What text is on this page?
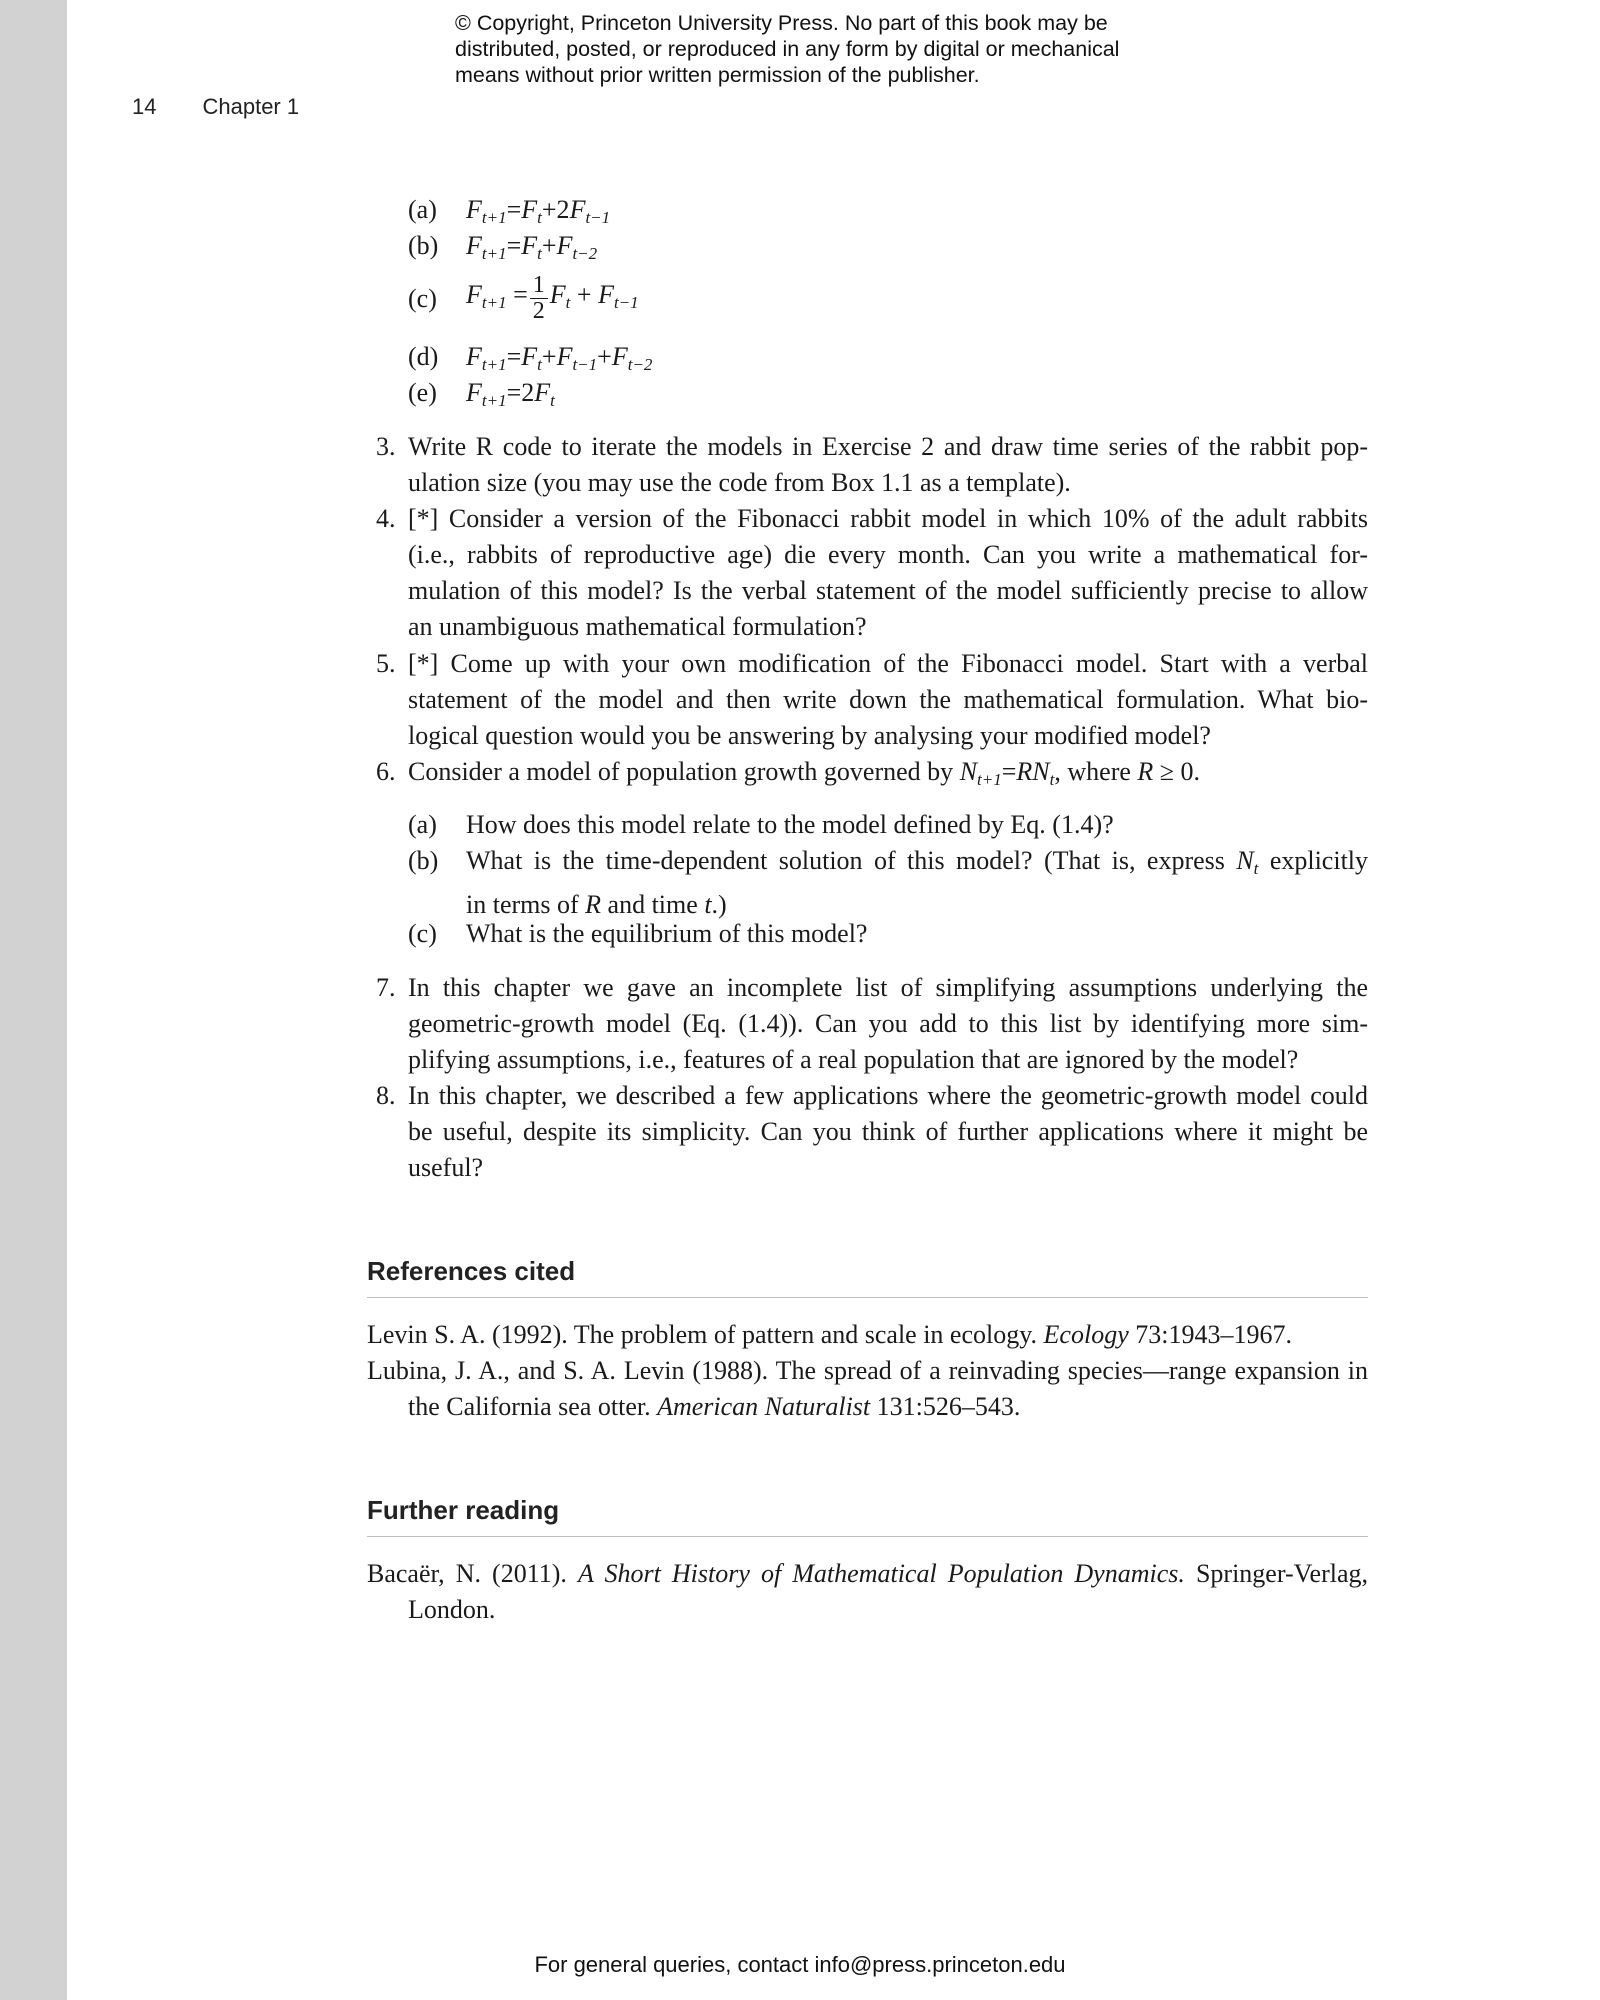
© Copyright, Princeton University Press. No part of this book may be
distributed, posted, or reproduced in any form by digital or mechanical
means without prior written permission of the publisher.
14 Chapter 1
(a) $F_{t+1}=F_t+2F_{t-1}$
(b) $F_{t+1}=F_t+F_{t-2}$
(c) $F_{t+1} = \frac{1}{2} F_t + F_{t-1}$
(d) $F_{t+1}=F_t+F_{t-1}+F_{t-2}$
(e) $F_{t+1}=2F_t$
3. Write R code to iterate the models in Exercise 2 and draw time series of the rabbit pop-
ulation size (you may use the code from Box 1.1 as a template).
4. [*] Consider a version of the Fibonacci rabbit model in which 10% of the adult rabbits
(i.e., rabbits of reproductive age) die every month. Can you write a mathematical for-
mulation of this model? Is the verbal statement of the model sufficiently precise to allow
an unambiguous mathematical formulation?
5. [*] Come up with your own modification of the Fibonacci model. Start with a verbal
statement of the model and then write down the mathematical formulation. What bio-
logical question would you be answering by analysing your modified model?
6. Consider a model of population growth governed by $N_{t+1}=RN_t$, where R ≥ 0.
(a) How does this model relate to the model defined by Eq. (1.4)?
(b) What is the time-dependent solution of this model? (That is, express $N_t$ explicitly
in terms of R and time t.)
(c) What is the equilibrium of this model?
7. In this chapter we gave an incomplete list of simplifying assumptions underlying the
geometric-growth model (Eq. (1.4)). Can you add to this list by identifying more sim-
plifying assumptions, i.e., features of a real population that are ignored by the model?
8. In this chapter, we described a few applications where the geometric-growth model could
be useful, despite its simplicity. Can you think of further applications where it might be
useful?
References cited
Levin S. A. (1992). The problem of pattern and scale in ecology. Ecology 73:1943–1967.
Lubina, J. A., and S. A. Levin (1988). The spread of a reinvading species—range expansion in
the California sea otter. American Naturalist 131:526–543.
Further reading
Bacaër, N. (2011). A Short History of Mathematical Population Dynamics. Springer-Verlag,
London.
For general queries, contact info@press.princeton.edu
